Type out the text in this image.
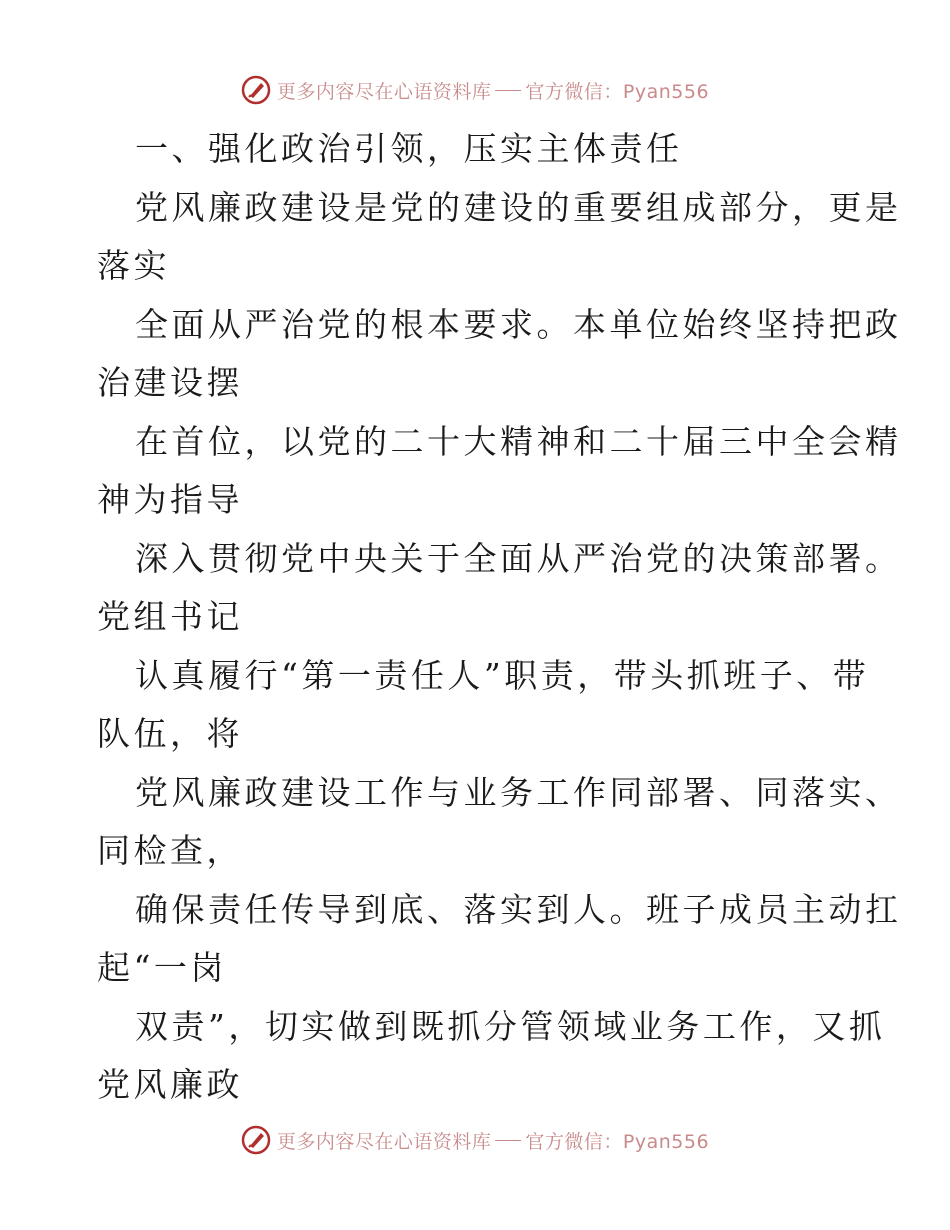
更多内容尽在心语资料库 官方微信：Pyan556
一、强化政治引领，压实主体责任
党风廉政建设是党的建设的重要组成部分，更是
落实
全面从严治党的根本要求。本单位始终坚持把政
治建设摆
在首位，以党的二十大精神和二十届三中全会精
神为指导
深入贯彻党中央关于全面从严治党的决策部署。
党组书记
认真履行“第一责任人”职责，带头抓班子、带
队伍，将
党风廉政建设工作与业务工作同部署、同落实、
同检查，
确保责任传导到底、落实到人。班子成员主动扛
起“一岗
双责”，切实做到既抓分管领域业务工作，又抓
党风廉政
更多内容尽在心语资料库 官方微信：Pyan556
